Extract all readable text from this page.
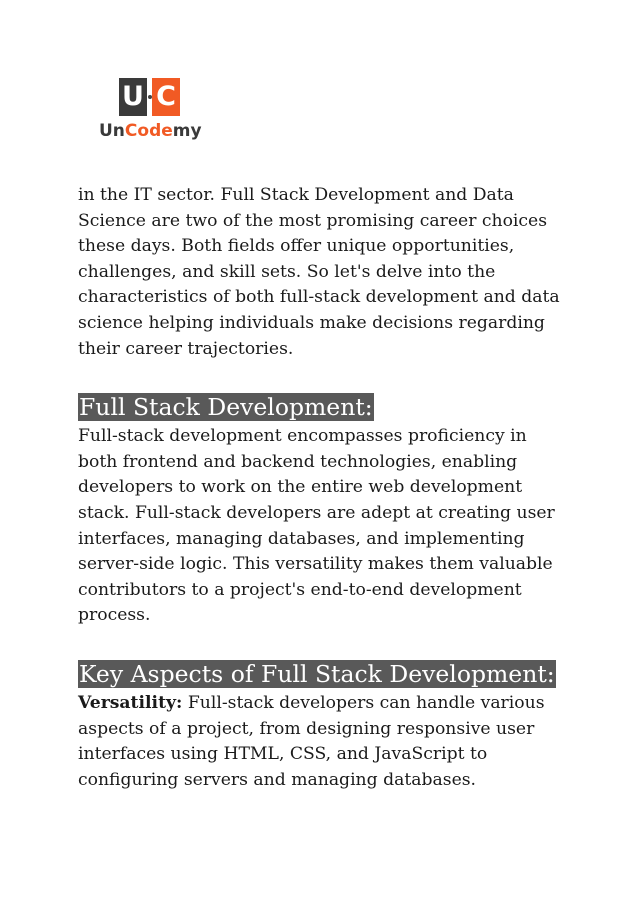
U C
UnCodemy

in the IT sector. Full Stack Development and Data Science are two of the most promising career choices these days. Both fields offer unique opportunities, challenges, and skill sets. So let's delve into the characteristics of both full-stack development and data science helping individuals make decisions regarding their career trajectories.

Full Stack Development:

Full-stack development encompasses proficiency in both frontend and backend technologies, enabling developers to work on the entire web development stack. Full-stack developers are adept at creating user interfaces, managing databases, and implementing server-side logic. This versatility makes them valuable contributors to a project's end-to-end development process.

Key Aspects of Full Stack Development:

Versatility: Full-stack developers can handle various aspects of a project, from designing responsive user interfaces using HTML, CSS, and JavaScript to configuring servers and managing databases.
